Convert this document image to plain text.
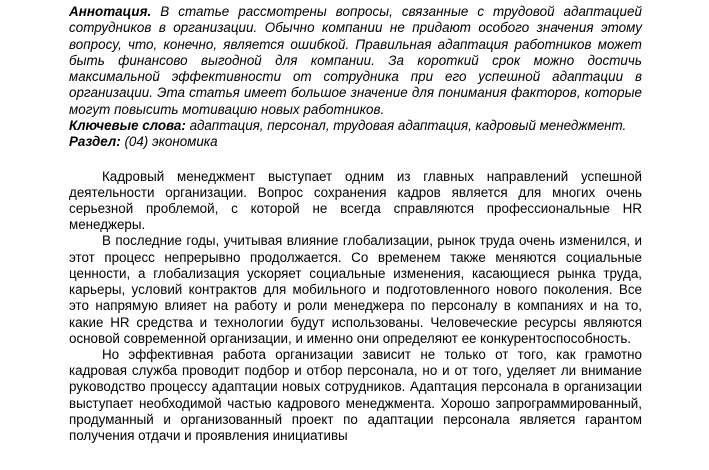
Аннотация. В статье рассмотрены вопросы, связанные с трудовой адаптацией сотрудников в организации. Обычно компании не придают особого значения этому вопросу, что, конечно, является ошибкой. Правильная адаптация работников может быть финансово выгодной для компании. За короткий срок можно достичь максимальной эффективности от сотрудника при его успешной адаптации в организации. Эта статья имеет большое значение для понимания факторов, которые могут повысить мотивацию новых работников.

Ключевые слова: адаптация, персонал, трудовая адаптация, кадровый менеджмент.

Раздел: (04) экономика

Кадровый менеджмент выступает одним из главных направлений успешной деятельности организации. Вопрос сохранения кадров является для многих очень серьезной проблемой, с которой не всегда справляются профессиональные HR менеджеры.

В последние годы, учитывая влияние глобализации, рынок труда очень изменился, и этот процесс непрерывно продолжается. Со временем также меняются социальные ценности, а глобализация ускоряет социальные изменения, касающиеся рынка труда, карьеры, условий контрактов для мобильного и подготовленного нового поколения. Все это напрямую влияет на работу и роли менеджера по персоналу в компаниях и на то, какие HR средства и технологии будут использованы. Человеческие ресурсы являются основой современной организации, и именно они определяют ее конкурентоспособность.

Но эффективная работа организации зависит не только от того, как грамотно кадровая служба проводит подбор и отбор персонала, но и от того, уделяет ли внимание руководство процессу адаптации новых сотрудников. Адаптация персонала в организации выступает необходимой частью кадрового менеджмента. Хорошо запрограммированный, продуманный и организованный проект по адаптации персонала является гарантом получения отдачи и проявления инициативы
